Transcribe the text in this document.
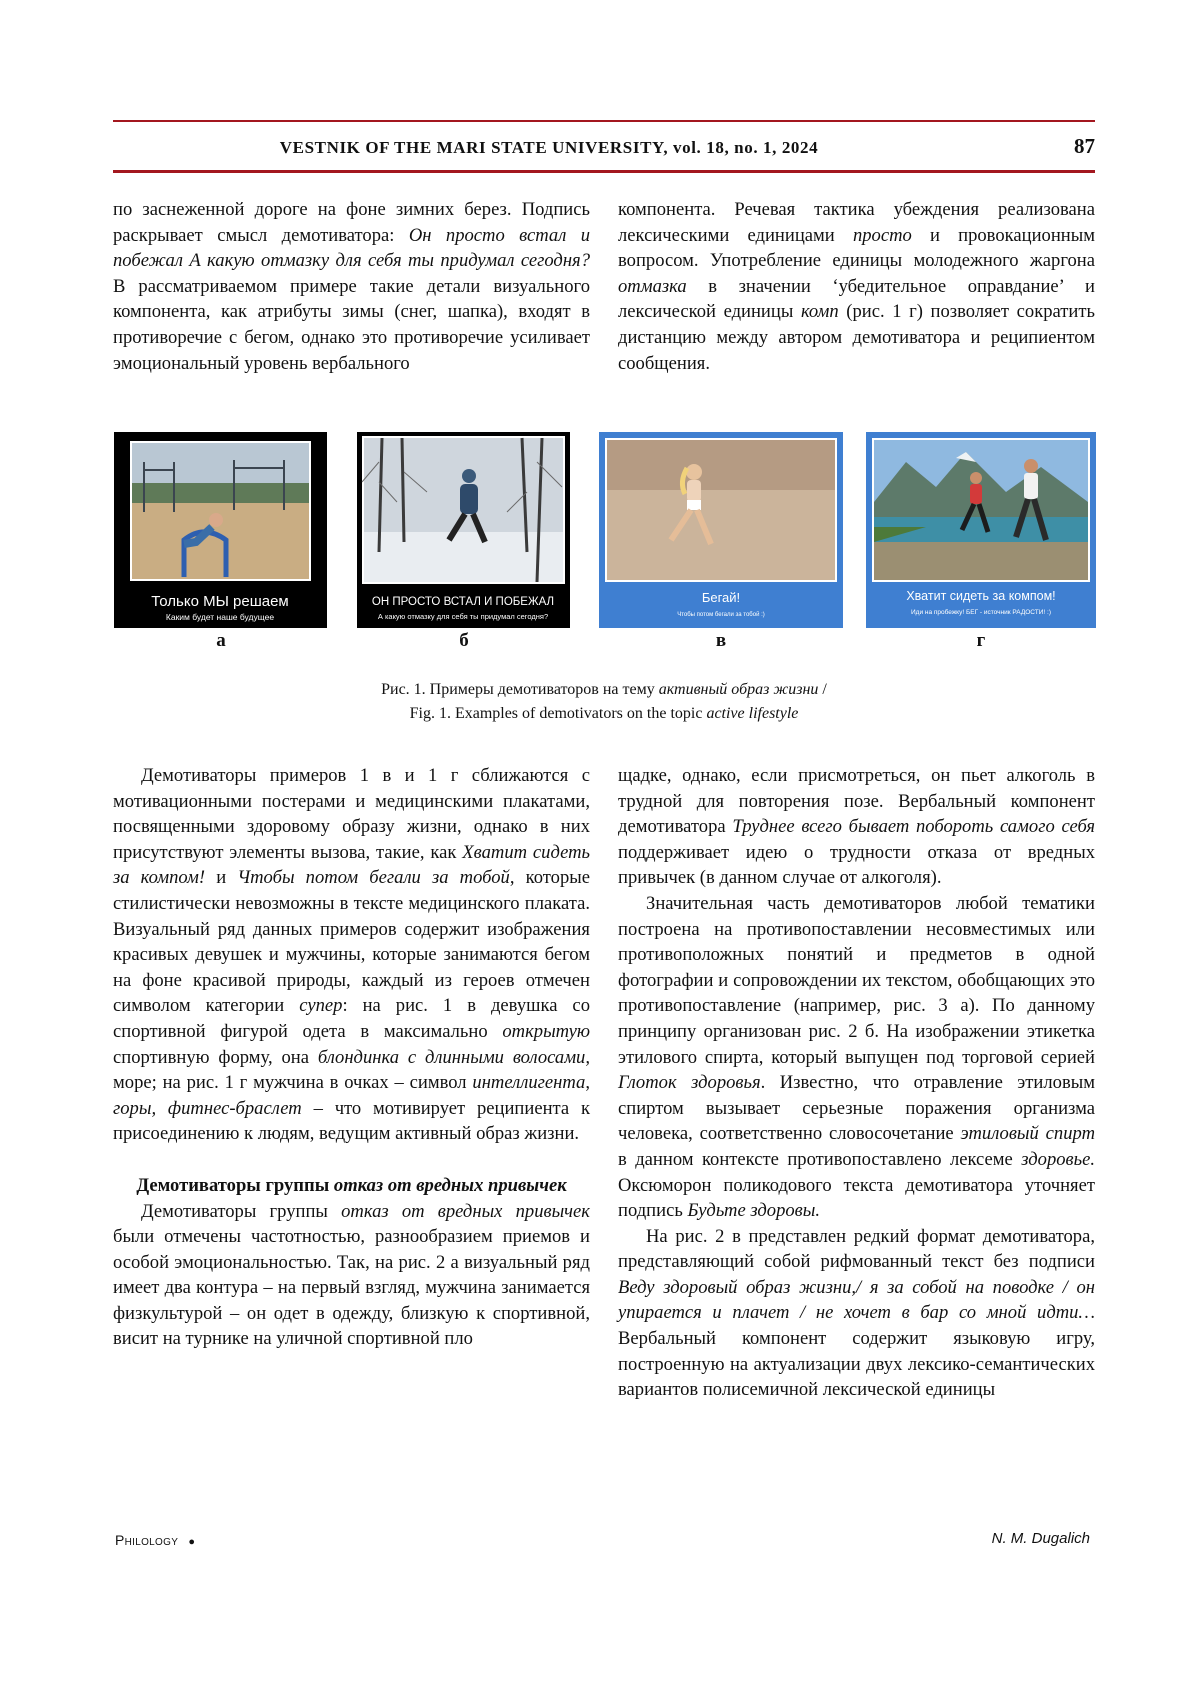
VESTNIK OF THE MARI STATE UNIVERSITY, vol. 18, no. 1, 2024	87

по заснеженной дороге на фоне зимних берез. Подпись раскрывает смысл демотиватора: Он просто встал и побежал А какую отмазку для себя ты придумал сегодня? В рассматриваемом примере такие детали визуального компонента, как атрибуты зимы (снег, шапка), входят в противоречие с бегом, однако это противоречие усиливает эмоциональный уровень вербального

компонента. Речевая тактика убеждения реализована лексическими единицами просто и провокационным вопросом. Употребление единицы молодежного жаргона отмазка в значении ‘убедительное оправдание’ и лексической единицы комп (рис. 1 г) позволяет сократить дистанцию между автором демотиватора и реципиентом сообщения.

Только МЫ решаем
Каким будет наше будущее
ОН ПРОСТО ВСТАЛ И ПОБЕЖАЛ
А какую отмазку для себя ты придумал сегодня?
Бегай!
Чтобы потом бегали за тобой :)
Хватит сидеть за компом!
Иди на пробежку! БЕГ - источник РАДОСТИ! :)
а	б	в	г

Рис. 1. Примеры демотиваторов на тему активный образ жизни /

Fig. 1. Examples of demotivators on the topic active lifestyle

Демотиваторы примеров 1 в и 1 г сближаются с мотивационными постерами и медицинскими плакатами, посвященными здоровому образу жизни, однако в них присутствуют элементы вызова, такие, как Хватит сидеть за компом! и Чтобы потом бегали за тобой, которые стилистически невозможны в тексте медицинского плаката. Визуальный ряд данных примеров содержит изображения красивых девушек и мужчины, которые занимаются бегом на фоне красивой природы, каждый из героев отмечен символом категории супер: на рис. 1 в девушка со спортивной фигурой одета в максимально открытую спортивную форму, она блондинка с длинными волосами, море; на рис. 1 г мужчина в очках – символ интеллигента, горы, фитнес-браслет – что мотивирует реципиента к присоединению к людям, ведущим активный образ жизни.

Демотиваторы группы отказ от вредных привычек

Демотиваторы группы отказ от вредных привычек были отмечены частотностью, разнообразием приемов и особой эмоциональностью. Так, на рис. 2 а визуальный ряд имеет два контура – на первый взгляд, мужчина занимается физкультурой – он одет в одежду, близкую к спортивной, висит на турнике на уличной спортивной пло

щадке, однако, если присмотреться, он пьет алкоголь в трудной для повторения позе. Вербальный компонент демотиватора Труднее всего бывает побороть самого себя поддерживает идею о трудности отказа от вредных привычек (в данном случае от алкоголя).

Значительная часть демотиваторов любой тематики построена на противопоставлении несовместимых или противоположных понятий и предметов в одной фотографии и сопровождении их текстом, обобщающих это противопоставление (например, рис. 3 а). По данному принципу организован рис. 2 б. На изображении этикетка этилового спирта, который выпущен под торговой серией Глоток здоровья. Известно, что отравление этиловым спиртом вызывает серьезные поражения организма человека, соответственно словосочетание этиловый спирт в данном контексте противопоставлено лексеме здоровье. Оксюморон поликодового текста демотиватора уточняет подпись Будьте здоровы.

На рис. 2 в представлен редкий формат демотиватора, представляющий собой рифмованный текст без подписи Веду здоровый образ жизни,/ я за собой на поводке / он упирается и плачет / не хочет в бар со мной идти… Вербальный компонент содержит языковую игру, построенную на актуализации двух лексико-семантических вариантов полисемичной лексической единицы

Philology ●	N. M. Dugalich
